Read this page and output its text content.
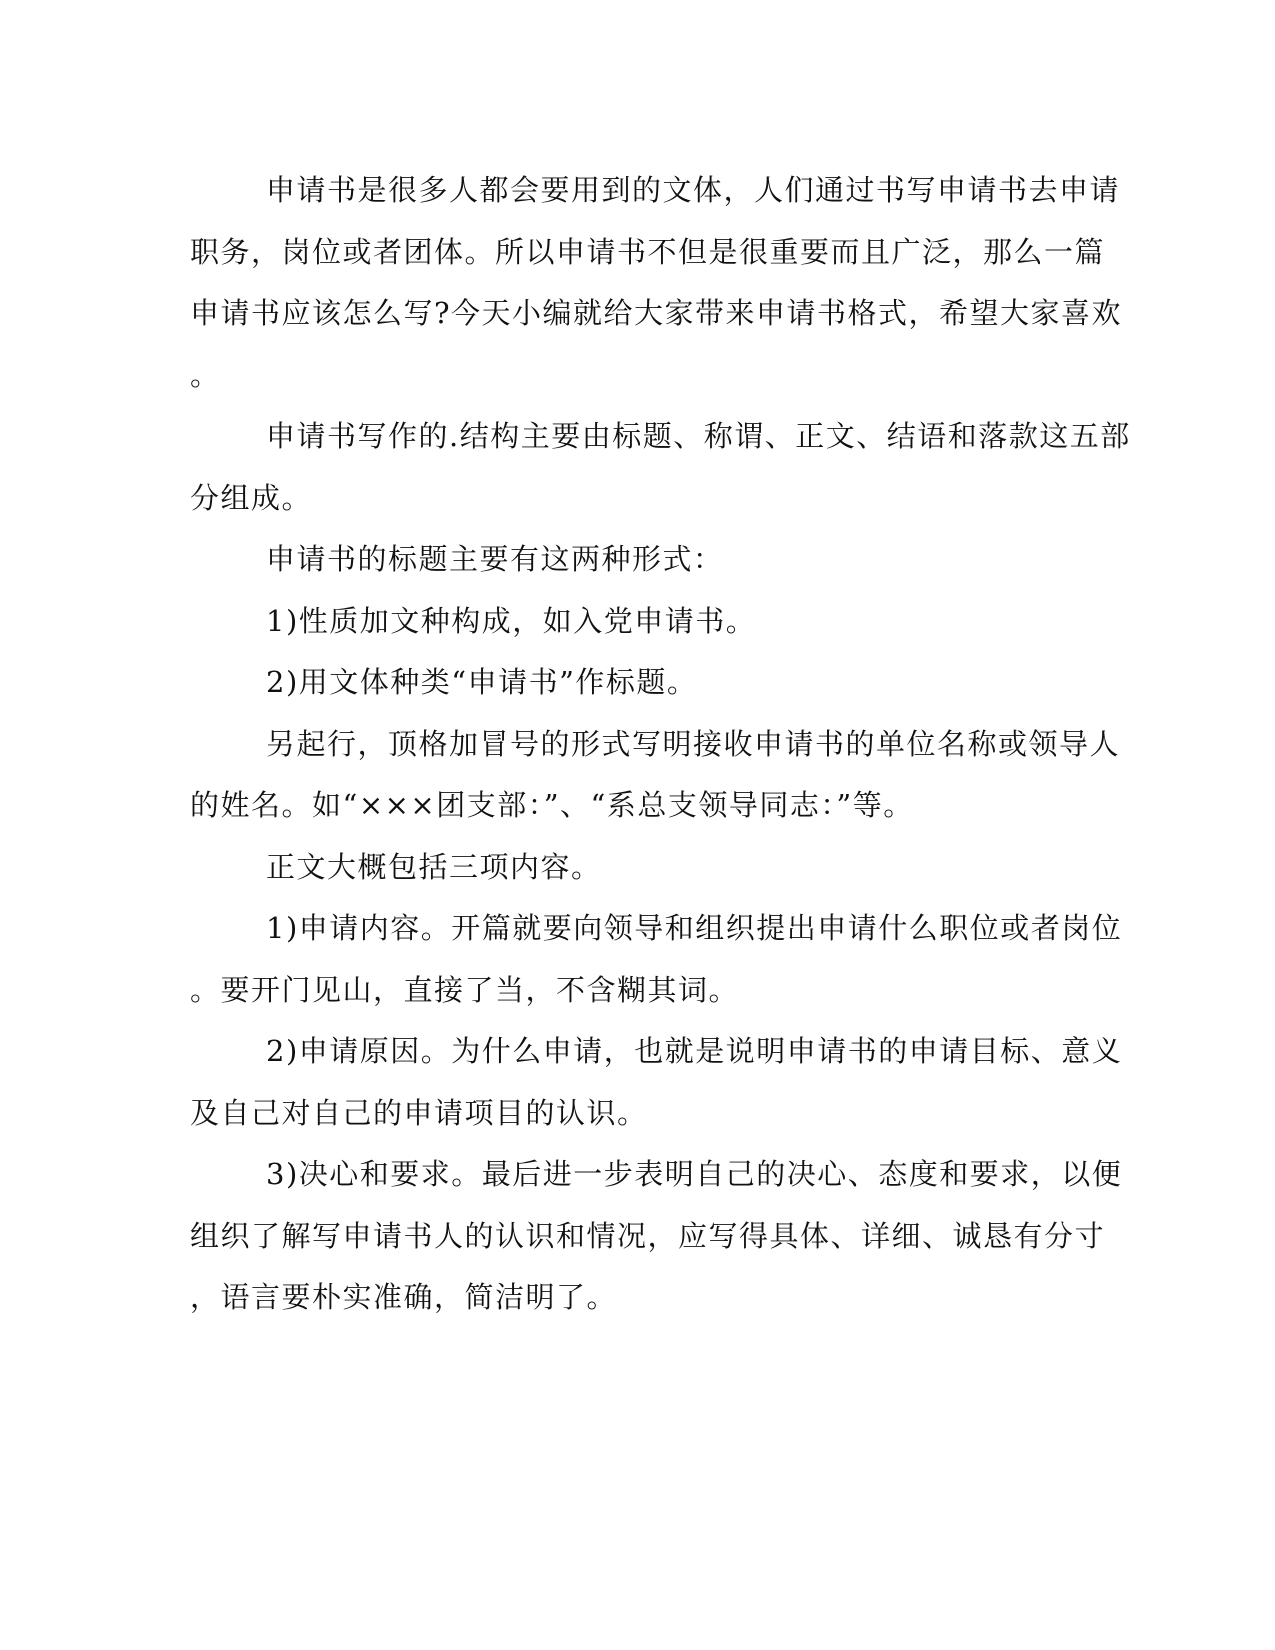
申请书是很多人都会要用到的文体，人们通过书写申请书去申请
职务，岗位或者团体。所以申请书不但是很重要而且广泛，那么一篇
申请书应该怎么写?今天小编就给大家带来申请书格式，希望大家喜欢
。
申请书写作的.结构主要由标题、称谓、正文、结语和落款这五部
分组成。
申请书的标题主要有这两种形式：
1)性质加文种构成，如入党申请书。
2)用文体种类“申请书”作标题。
另起行，顶格加冒号的形式写明接收申请书的单位名称或领导人
的姓名。如“×××团支部：”、“系总支领导同志：”等。
正文大概包括三项内容。
1)申请内容。开篇就要向领导和组织提出申请什么职位或者岗位
。要开门见山，直接了当，不含糊其词。
2)申请原因。为什么申请，也就是说明申请书的申请目标、意义
及自己对自己的申请项目的认识。
3)决心和要求。最后进一步表明自己的决心、态度和要求，以便
组织了解写申请书人的认识和情况，应写得具体、详细、诚恳有分寸
，语言要朴实准确，简洁明了。
